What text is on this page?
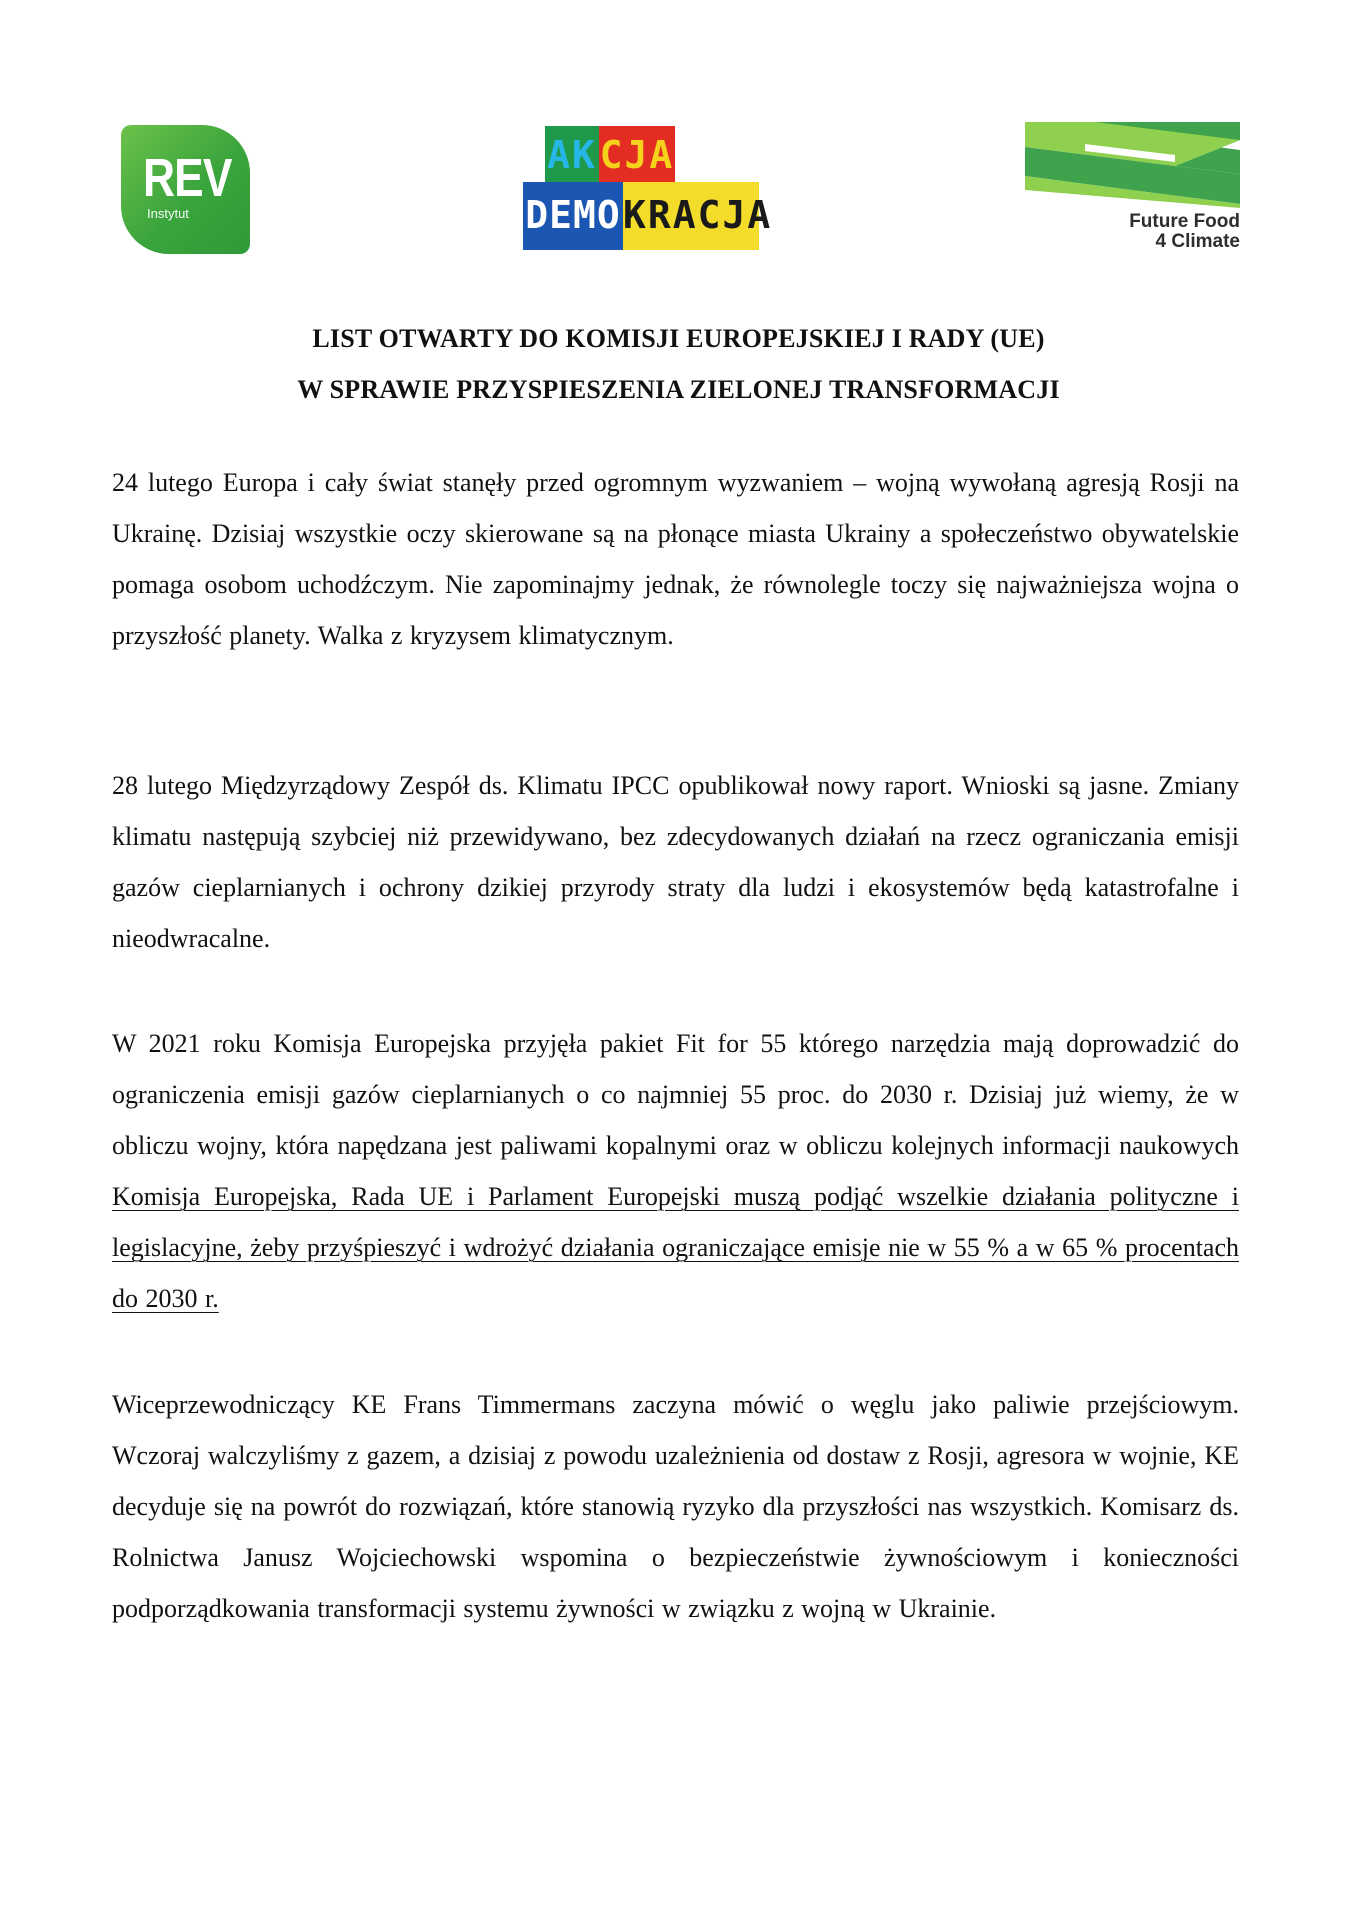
REV
Instytut
AK CJA
DEMO KRACJA	Future Food
4 Climate
LIST OTWARTY DO KOMISJI EUROPEJSKIEJ I RADY (UE)
W SPRAWIE PRZYSPIESZENIA ZIELONEJ TRANSFORMACJI

24 lutego Europa i cały świat stanęły przed ogromnym wyzwaniem – wojną wywołaną agresją Rosji na Ukrainę. Dzisiaj wszystkie oczy skierowane są na płonące miasta Ukrainy a społeczeństwo obywatelskie pomaga osobom uchodźczym. Nie zapominajmy jednak, że równolegle toczy się najważniejsza wojna o przyszłość planety. Walka z kryzysem klimatycznym.

28 lutego Międzyrządowy Zespół ds. Klimatu IPCC opublikował nowy raport. Wnioski są jasne. Zmiany klimatu następują szybciej niż przewidywano, bez zdecydowanych działań na rzecz ograniczania emisji gazów cieplarnianych i ochrony dzikiej przyrody straty dla ludzi i ekosystemów będą katastrofalne i nieodwracalne.

W 2021 roku Komisja Europejska przyjęła pakiet Fit for 55 którego narzędzia mają doprowadzić do ograniczenia emisji gazów cieplarnianych o co najmniej 55 proc. do 2030 r. Dzisiaj już wiemy, że w obliczu wojny, która napędzana jest paliwami kopalnymi oraz w obliczu kolejnych informacji naukowych Komisja Europejska, Rada UE i Parlament Europejski muszą podjąć wszelkie działania polityczne i legislacyjne, żeby przyśpieszyć i wdrożyć działania ograniczające emisje nie w 55 % a w 65 % procentach do 2030 r.

Wiceprzewodniczący KE Frans Timmermans zaczyna mówić o węglu jako paliwie przejściowym. Wczoraj walczyliśmy z gazem, a dzisiaj z powodu uzależnienia od dostaw z Rosji, agresora w wojnie, KE decyduje się na powrót do rozwiązań, które stanowią ryzyko dla przyszłości nas wszystkich. Komisarz ds. Rolnictwa Janusz Wojciechowski wspomina o bezpieczeństwie żywnościowym i konieczności podporządkowania transformacji systemu żywności w związku z wojną w Ukrainie.
